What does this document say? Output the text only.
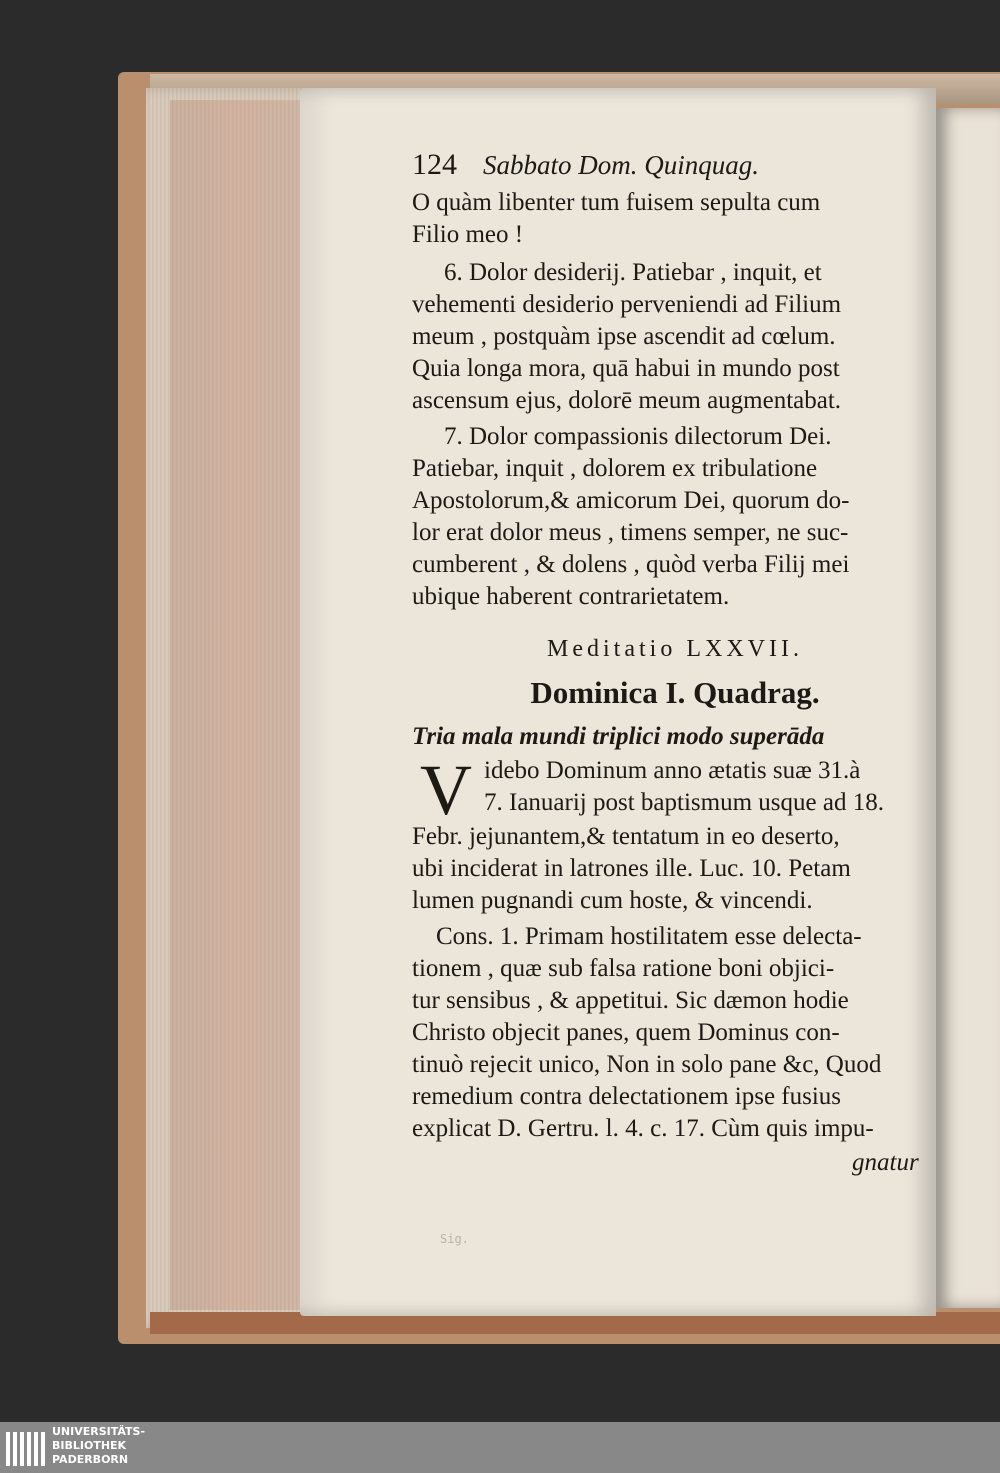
124 Sabbato Dom. Quinquag.
O quàm libenter tum fuisem sepulta cum
Filio meo !
6. Dolor desiderij. Patiebar , inquit, et
vehementi desiderio perveniendi ad Filium
meum , postquàm ipse ascendit ad cœlum.
Quia longa mora, quā habui in mundo post
ascensum ejus, dolorē meum augmentabat.
7. Dolor compassionis dilectorum Dei.
Patiebar, inquit , dolorem ex tribulatione
Apostolorum,& amicorum Dei, quorum do-
lor erat dolor meus , timens semper, ne suc-
cumberent , & dolens , quòd verba Filij mei
ubique haberent contrarietatem.
Meditatio LXXVII.
Dominica I. Quadrag.
Tria mala mundi triplici modo superāda
idebo Dominum anno ætatis suæ 31.à
7. Ianuarij post baptismum usque ad 18.
Febr. jejunantem,& tentatum in eo deserto,
ubi inciderat in latrones ille. Luc. 10. Petam
lumen pugnandi cum hoste, & vincendi.
Cons. 1. Primam hostilitatem esse delecta-
tionem , quæ sub falsa ratione boni objici-
tur sensibus , & appetitui. Sic dæmon hodie
Christo objecit panes, quem Dominus con-
tinuò rejecit unico, Non in solo pane &c, Quod
remedium contra delectationem ipse fusius
explicat D. Gertru. l. 4. c. 17. Cùm quis impu-
gnatur
V
Sig.
UNIVERSITÄTS-
BIBLIOTHEK
PADERBORN
